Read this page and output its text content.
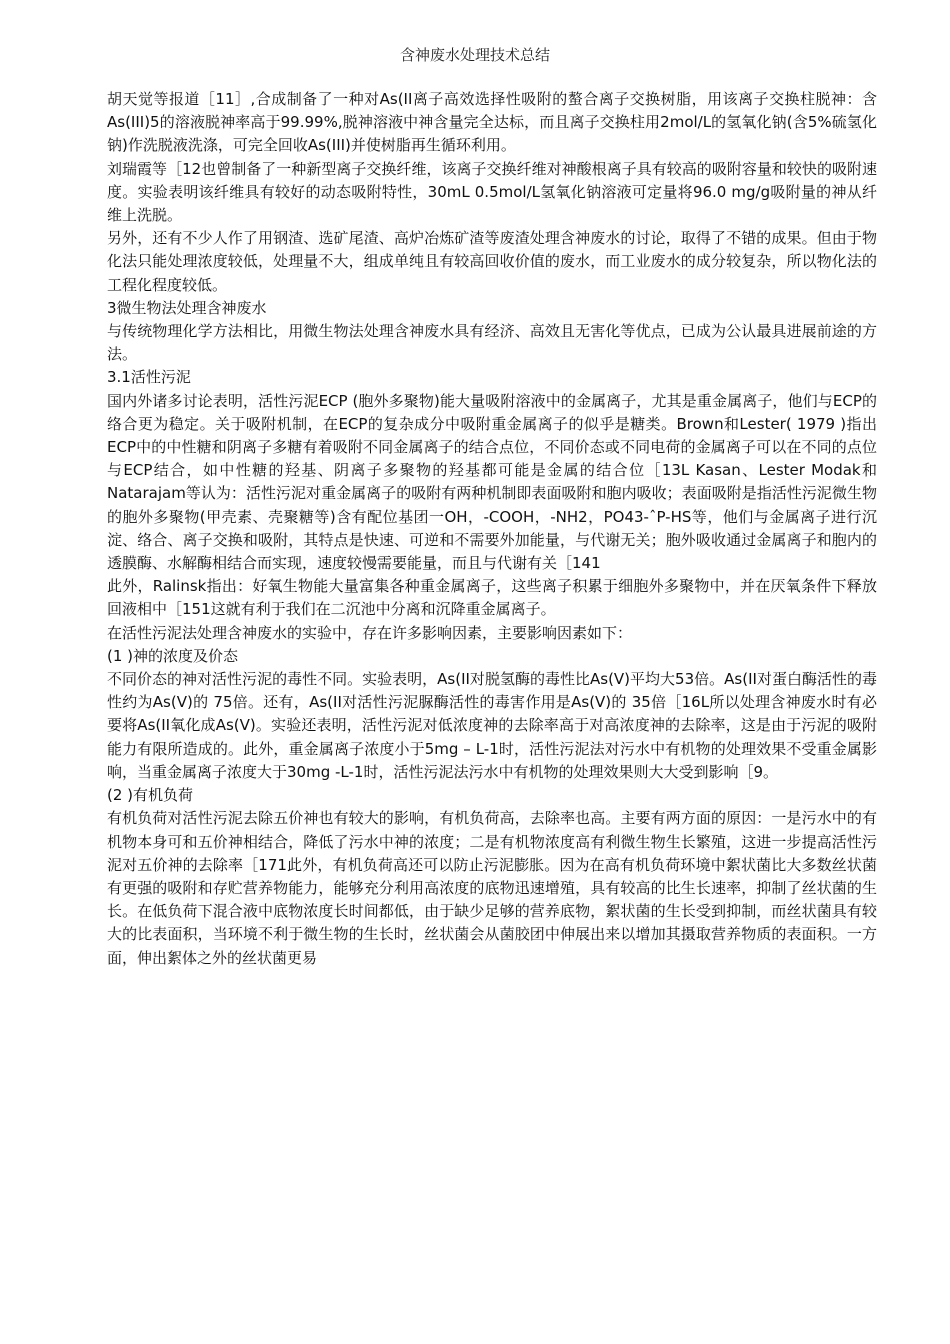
含神废水处理技术总结

胡天觉等报道［11］,合成制备了一种对As(II离子高效选择性吸附的螯合离子交换树脂，用该离子交换柱脱神：含As(III)5的溶液脱神率高于99.99%,脱神溶液中神含量完全达标，而且离子交换柱用2mol/L的氢氧化钠(含5%硫氢化钠)作洗脱液洗涤，可完全回收As(III)并使树脂再生循环利用。

刘瑞霞等［12也曾制备了一种新型离子交换纤维，该离子交换纤维对神酸根离子具有较高的吸附容量和较快的吸附速度。实验表明该纤维具有较好的动态吸附特性，30mL 0.5mol/L氢氧化钠溶液可定量将96.0 mg/g吸附量的神从纤维上洗脱。

另外，还有不少人作了用钢渣、选矿尾渣、高炉冶炼矿渣等废渣处理含神废水的讨论，取得了不错的成果。但由于物化法只能处理浓度较低，处理量不大，组成单纯且有较高回收价值的废水，而工业废水的成分较复杂，所以物化法的工程化程度较低。

3微生物法处理含神废水

与传统物理化学方法相比，用微生物法处理含神废水具有经济、高效且无害化等优点，已成为公认最具进展前途的方法。

3.1活性污泥

国内外诸多讨论表明，活性污泥ECP (胞外多聚物)能大量吸附溶液中的金属离子，尤其是重金属离子，他们与ECP的络合更为稳定。关于吸附机制，在ECP的复杂成分中吸附重金属离子的似乎是糖类。Brown和Lester( 1979 )指出ECP中的中性糖和阴离子多糖有着吸附不同金属离子的结合点位，不同价态或不同电荷的金属离子可以在不同的点位与ECP结合，如中性糖的羟基、阴离子多聚物的羟基都可能是金属的结合位［13L Kasan、Lester Modak和Natarajam等认为：活性污泥对重金属离子的吸附有两种机制即表面吸附和胞内吸收；表面吸附是指活性污泥微生物的胞外多聚物(甲壳素、壳聚糖等)含有配位基团一OH，-COOH，-NH2，PO43-ˆP-HS等，他们与金属离子进行沉淀、络合、离子交换和吸附，其特点是快速、可逆和不需要外加能量，与代谢无关；胞外吸收通过金属离子和胞内的透膜酶、水解酶相结合而实现，速度较慢需要能量，而且与代谢有关［141

此外，Ralinsk指出：好氧生物能大量富集各种重金属离子，这些离子积累于细胞外多聚物中，并在厌氧条件下释放回液相中［151这就有利于我们在二沉池中分离和沉降重金属离子。

在活性污泥法处理含神废水的实验中，存在许多影响因素，主要影响因素如下：

(1 )神的浓度及价态

不同价态的神对活性污泥的毒性不同。实验表明，As(II对脱氢酶的毒性比As(V)平均大53倍。As(II对蛋白酶活性的毒性约为As(V)的 75倍。还有，As(II对活性污泥脲酶活性的毒害作用是As(V)的 35倍［16L所以处理含神废水时有必要将As(II氧化成As(V)。实验还表明，活性污泥对低浓度神的去除率高于对高浓度神的去除率，这是由于污泥的吸附能力有限所造成的。此外，重金属离子浓度小于5mg – L-1时，活性污泥法对污水中有机物的处理效果不受重金属影响，当重金属离子浓度大于30mg -L-1时，活性污泥法污水中有机物的处理效果则大大受到影响［9。

(2 )有机负荷

有机负荷对活性污泥去除五价神也有较大的影响，有机负荷高，去除率也高。主要有两方面的原因：一是污水中的有机物本身可和五价神相结合，降低了污水中神的浓度；二是有机物浓度高有利微生物生长繁殖，这进一步提高活性污泥对五价神的去除率［171此外，有机负荷高还可以防止污泥膨胀。因为在高有机负荷环境中絮状菌比大多数丝状菌有更强的吸附和存贮营养物能力，能够充分利用高浓度的底物迅速增殖，具有较高的比生长速率，抑制了丝状菌的生长。在低负荷下混合液中底物浓度长时间都低，由于缺少足够的营养底物，絮状菌的生长受到抑制，而丝状菌具有较大的比表面积，当环境不利于微生物的生长时，丝状菌会从菌胶团中伸展出来以增加其摄取营养物质的表面积。一方面，伸出絮体之外的丝状菌更易
